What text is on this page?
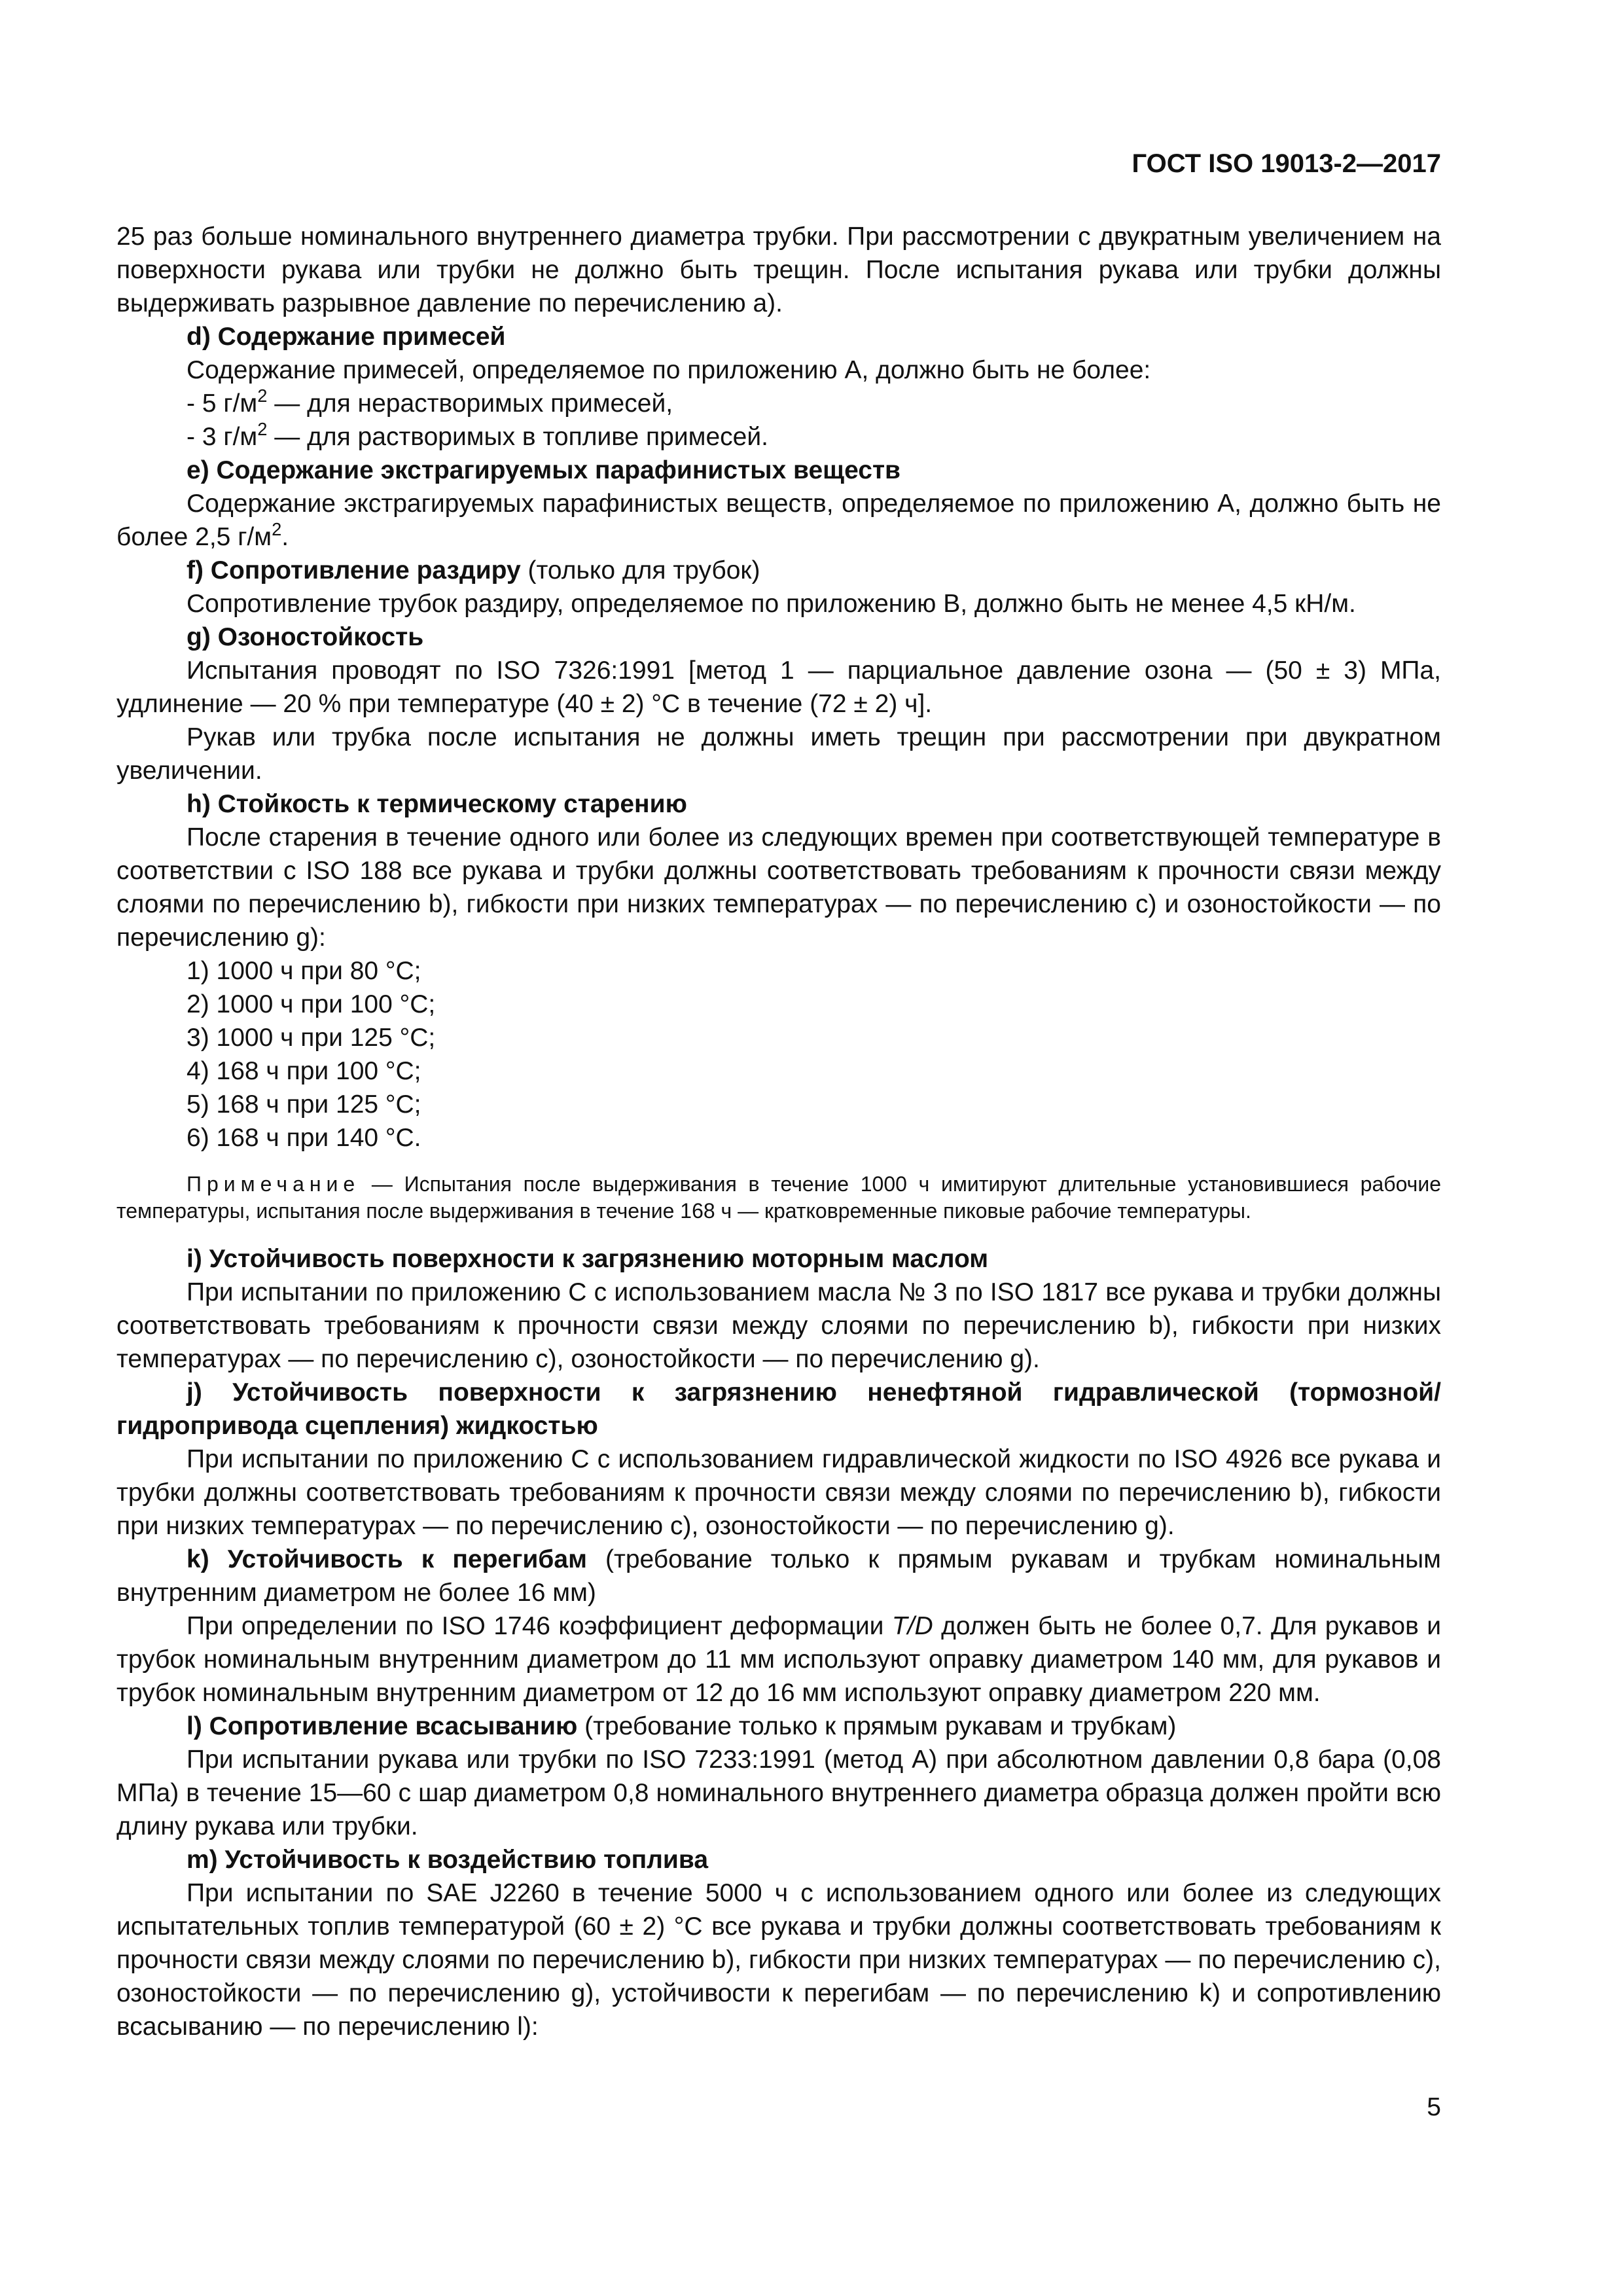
ГОСТ ISO 19013-2—2017

25 раз больше номинального внутреннего диаметра трубки. При рассмотрении с двукратным увеличением на поверхности рукава или трубки не должно быть трещин. После испытания рукава или трубки должны выдерживать разрывное давление по перечислению а).

d) Содержание примесей

Содержание примесей, определяемое по приложению А, должно быть не более:

- 5 $г/м^2$ — для нерастворимых примесей,

- 3 $г/м^2$ — для растворимых в топливе примесей.

e) Содержание экстрагируемых парафинистых веществ

Содержание экстрагируемых парафинистых веществ, определяемое по приложению А, должно быть не более 2,5 $г/м^2$.

f) Сопротивление раздиру (только для трубок)

Сопротивление трубок раздиру, определяемое по приложению В, должно быть не менее 4,5 кН/м.

g) Озоностойкость

Испытания проводят по ISO 7326:1991 [метод 1 — парциальное давление озона — (50 ± 3) МПа, удлинение — 20 % при температуре (40 ± 2) °С в течение (72 ± 2) ч].

Рукав или трубка после испытания не должны иметь трещин при рассмотрении при двукратном увеличении.

h) Стойкость к термическому старению

После старения в течение одного или более из следующих времен при соответствующей температуре в соответствии с ISO 188 все рукава и трубки должны соответствовать требованиям к прочности связи между слоями по перечислению b), гибкости при низких температурах — по перечислению с) и озоностойкости — по перечислению g):

1) 1000 ч при 80 °С;

2) 1000 ч при 100 °С;

3) 1000 ч при 125 °С;

4) 168 ч при 100 °С;

5) 168 ч при 125 °С;

6) 168 ч при 140 °С.

Примечание — Испытания после выдерживания в течение 1000 ч имитируют длительные установившиеся рабочие температуры, испытания после выдерживания в течение 168 ч — кратковременные пиковые рабочие температуры.

i) Устойчивость поверхности к загрязнению моторным маслом

При испытании по приложению С с использованием масла № 3 по ISO 1817 все рукава и трубки должны соответствовать требованиям к прочности связи между слоями по перечислению b), гибкости при низких температурах — по перечислению с), озоностойкости — по перечислению g).

j) Устойчивость поверхности к загрязнению ненефтяной гидравлической (тормозной/гидропривода сцепления) жидкостью

При испытании по приложению С с использованием гидравлической жидкости по ISO 4926 все рукава и трубки должны соответствовать требованиям к прочности связи между слоями по перечислению b), гибкости при низких температурах — по перечислению с), озоностойкости — по перечислению g).

k) Устойчивость к перегибам (требование только к прямым рукавам и трубкам номинальным внутренним диаметром не более 16 мм)

При определении по ISO 1746 коэффициент деформации T/D должен быть не более 0,7. Для рукавов и трубок номинальным внутренним диаметром до 11 мм используют оправку диаметром 140 мм, для рукавов и трубок номинальным внутренним диаметром от 12 до 16 мм используют оправку диаметром 220 мм.

l) Сопротивление всасыванию (требование только к прямым рукавам и трубкам)

При испытании рукава или трубки по ISO 7233:1991 (метод А) при абсолютном давлении 0,8 бара (0,08 МПа) в течение 15—60 с шар диаметром 0,8 номинального внутреннего диаметра образца должен пройти всю длину рукава или трубки.

m) Устойчивость к воздействию топлива

При испытании по SAE J2260 в течение 5000 ч с использованием одного или более из следующих испытательных топлив температурой (60 ± 2) °С все рукава и трубки должны соответствовать требованиям к прочности связи между слоями по перечислению b), гибкости при низких температурах — по перечислению с), озоностойкости — по перечислению g), устойчивости к перегибам — по перечислению k) и сопротивлению всасыванию — по перечислению l):

5
